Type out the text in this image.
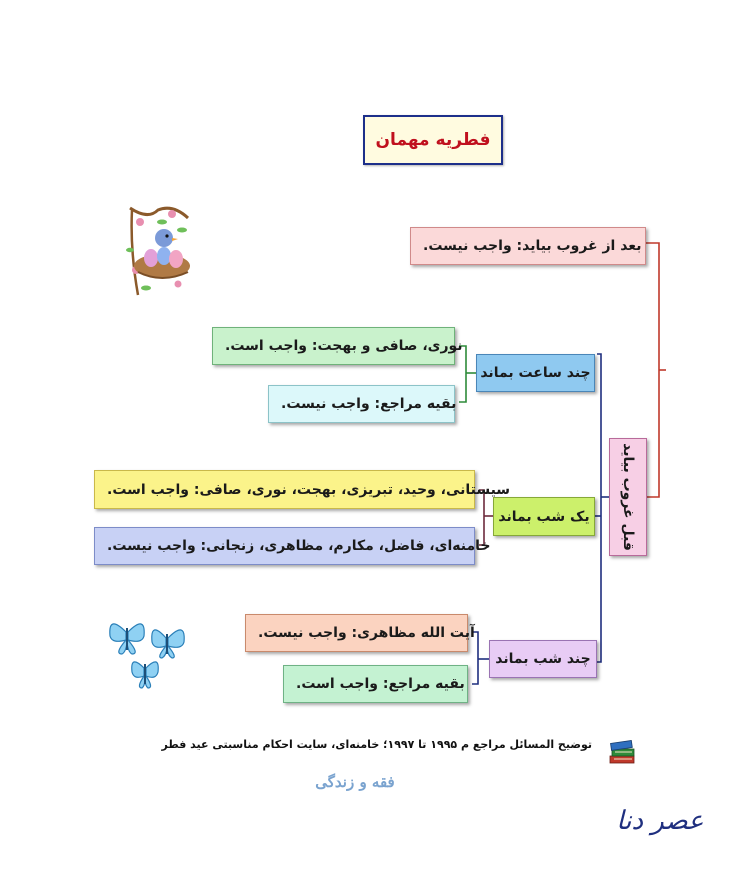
فطریه مهمان
بعد از غروب بیاید: واجب نیست.
قبل غروب بیاید
چند ساعت بماند
یک شب بماند
چند شب بماند
نوری، صافی و بهجت: واجب است.
بقیه مراجع: واجب نیست.
سیستانی، وحید، تبریزی، بهجت، نوری، صافی: واجب است.
خامنه‌ای، فاضل، مکارم، مظاهری، زنجانی: واجب نیست.
آیت الله مظاهری: واجب نیست.
بقیه مراجع: واجب است.
توضیح المسائل مراجع م ۱۹۹۵ تا ۱۹۹۷؛ خامنه‌ای، سایت احکام مناسبتی عید فطر
فقه و زندگی
عصر دنا
